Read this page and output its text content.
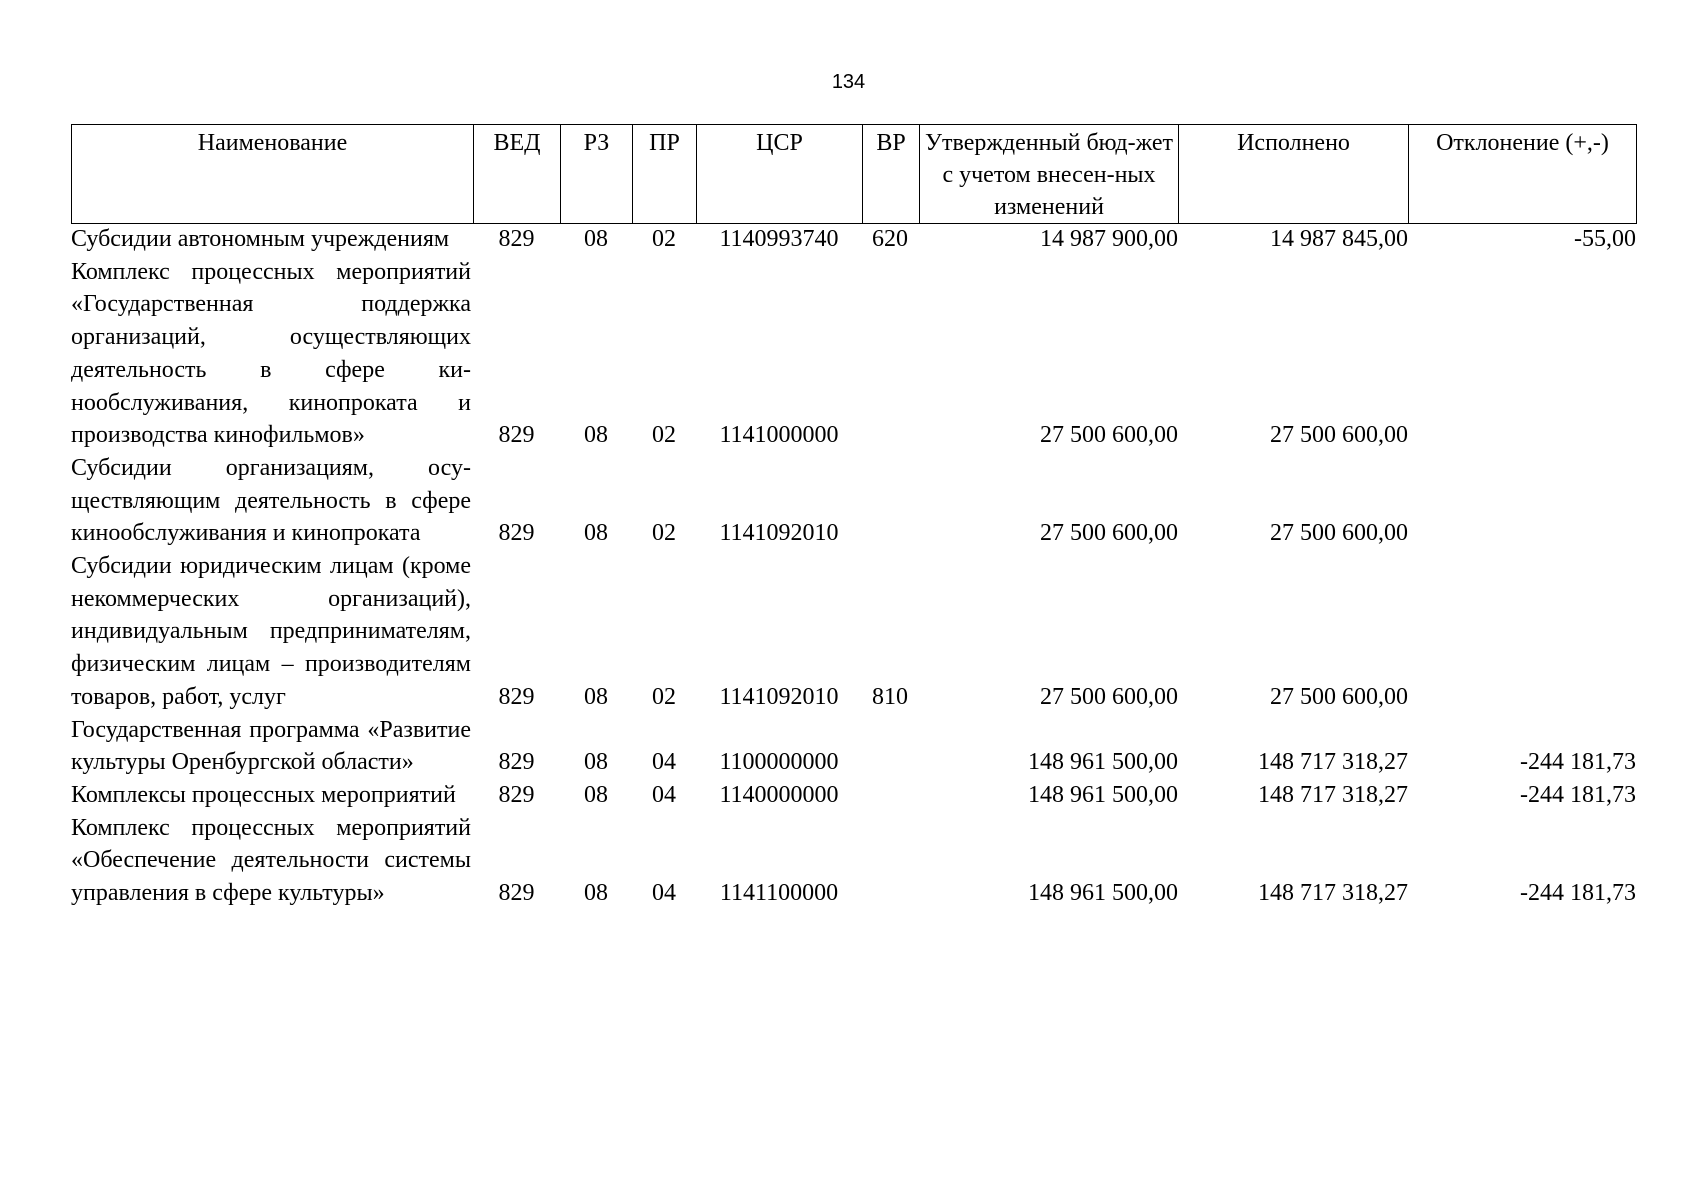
134
Наименование	ВЕД	РЗ	ПР	ЦСР	ВР	Утвержденный бюд-жет с учетом внесен-ных изменений	Исполнено	Отклонение (+,-)
Субсидии автономным учреждениям	829	08	02	1140993740	620	14 987 900,00	14 987 845,00	-55,00
Комплекс процессных мероприятий «Государственная поддержка организаций, осуществляющих деятельность в сфере кинообслуживания, кинопроката и производства кинофильмов»	829	08	02	1141000000		27 500 600,00	27 500 600,00	
Субсидии организациям, осуществляющим деятельность в сфере кинообслуживания и кинопроката	829	08	02	1141092010		27 500 600,00	27 500 600,00	
Субсидии юридическим лицам (кроме некоммерческих организаций), индивидуальным предпринимателям, физическим лицам – производителям товаров, работ, услуг	829	08	02	1141092010	810	27 500 600,00	27 500 600,00	
Государственная программа «Развитие культуры Оренбургской области»	829	08	04	1100000000		148 961 500,00	148 717 318,27	-244 181,73
Комплексы процессных мероприятий	829	08	04	1140000000		148 961 500,00	148 717 318,27	-244 181,73
Комплекс процессных мероприятий «Обеспечение деятельности системы управления в сфере культуры»	829	08	04	1141100000		148 961 500,00	148 717 318,27	-244 181,73
